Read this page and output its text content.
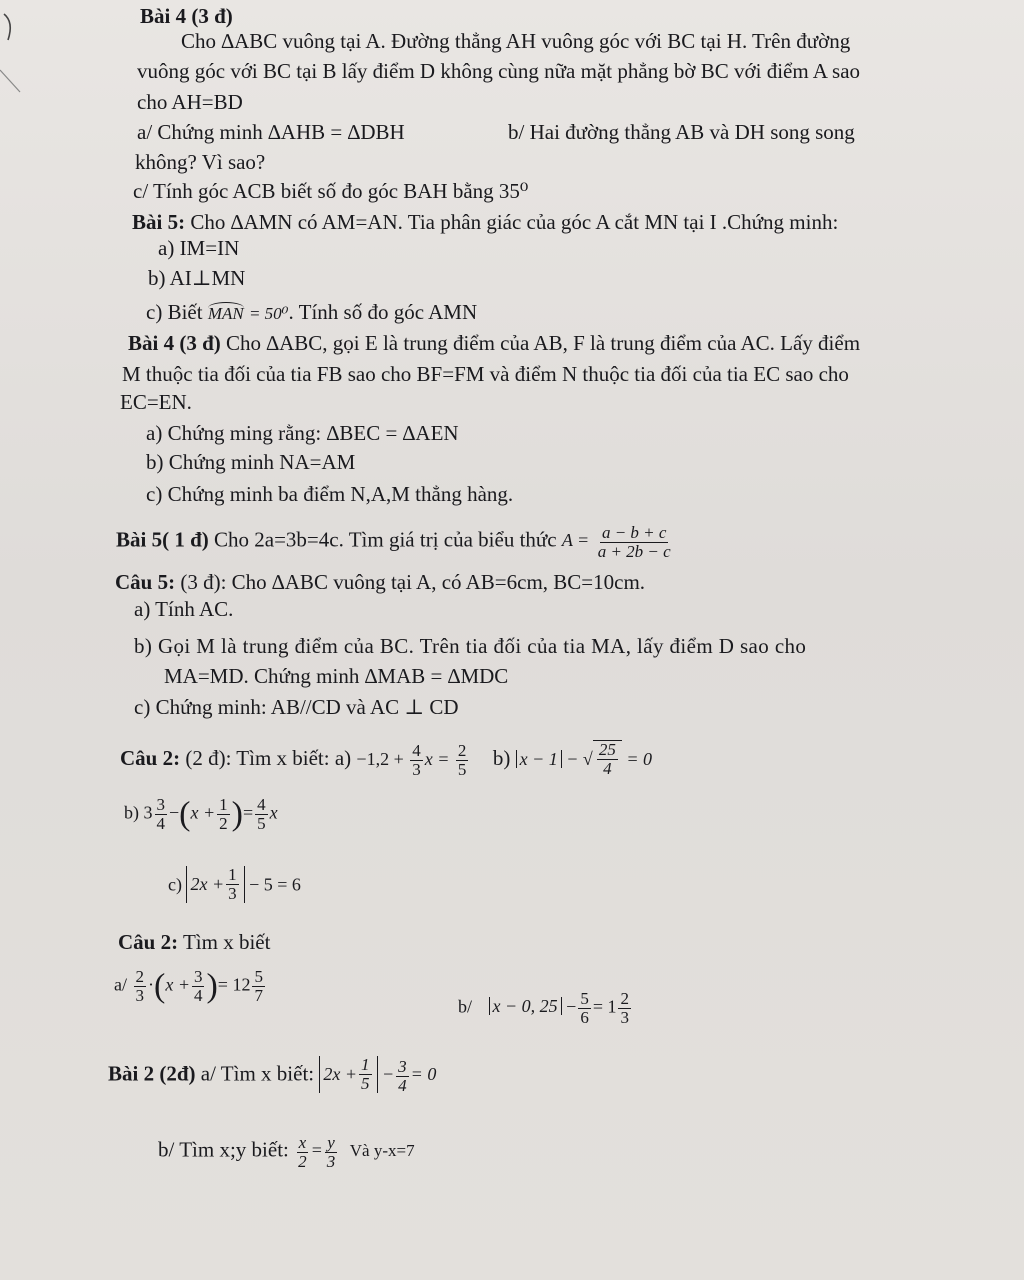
Bài 4 (3 đ)
Cho ∆ABC vuông tại A. Đường thẳng AH vuông góc với BC tại H. Trên đường
vuông góc với BC tại B lấy điểm D không cùng nữa mặt phẳng bờ BC với điểm A sao
cho AH=BD
a/ Chứng minh ∆AHB = ∆DBH	b/ Hai đường thẳng AB và DH song song
không? Vì sao?
c/ Tính góc ACB biết số đo góc BAH bằng 35⁰
Bài 5: Cho ∆AMN có AM=AN. Tia phân giác của góc A cắt MN tại I .Chứng minh:
a) IM=IN
b) AI⊥MN
c) Biết MAN = 50⁰. Tính số đo góc AMN
Bài 4 (3 đ) Cho ∆ABC, gọi E là trung điểm của AB, F là trung điểm của AC. Lấy điểm
M thuộc tia đối của tia FB sao cho BF=FM và điểm N thuộc tia đối của tia EC sao cho
EC=EN.
a) Chứng ming rằng: ∆BEC = ∆AEN
b) Chứng minh NA=AM
c) Chứng minh ba điểm N,A,M thẳng hàng.
Bài 5( 1 đ) Cho 2a=3b=4c. Tìm giá trị của biểu thức $A = \frac{a - b + c}{a + 2b - c}$
Câu 5: (3 đ): Cho ∆ABC vuông tại A, có AB=6cm, BC=10cm.
a) Tính AC.
b) Gọi M là trung điểm của BC. Trên tia đối của tia MA, lấy điểm D sao cho
MA=MD. Chứng minh ∆MAB = ∆MDC
c) Chứng minh: AB//CD và AC ⊥ CD
Câu 2: (2 đ): Tìm x biết: $a) -1,2 + \frac{4}{3}$ $x = \frac{2}{5} b$) x − 1 − √ $\frac{25}{4} = 0$
b) $3 \frac{3}{4} -(x + \frac{1}{2}$ )= $\frac{4}{5}$ x
c) $2x + \frac{1}{3} - 5 = 6$
Câu 2: Tìm x biết
$a/ \frac{2}{3} \cdot(x + \frac{3}{4}$ )= $12 \frac{5}{7}$
b/ x − 0, $25 - \frac{5}{6} = 1 \frac{2}{3}$
Bài 2 (2đ) a/ Tìm x biết: $2x + \frac{1}{5} - \frac{3}{4} = 0$
b/ Tìm x;y biết: $\frac{x}{2} = \frac{y}{3}$ Và y-x=7
